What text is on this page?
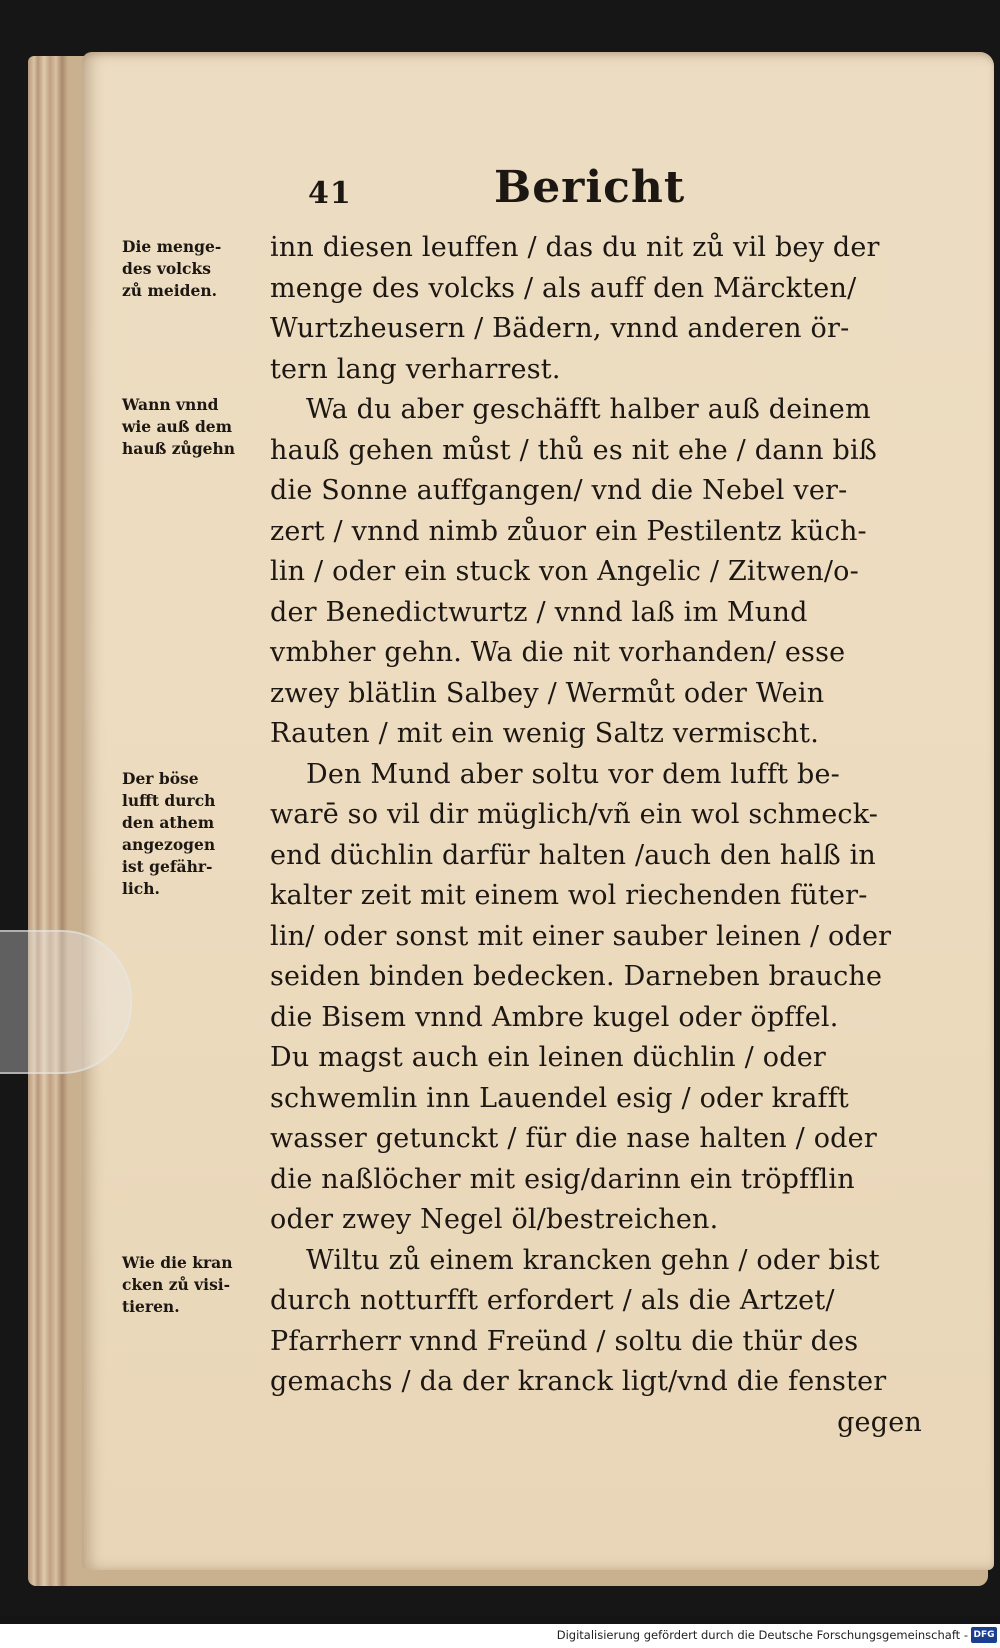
41	Bericht
Die menge-
des volcks
zů meiden.
Wann vnnd
wie auß dem
hauß zůgehn
Der böse
lufft durch
den athem
angezogen
ist gefähr-
lich.
Wie die kran
cken zů visi-
tieren.
inn diesen leuffen / das du nit zů vil bey der
menge des volcks / als auff den Märckten/
Wurtzheusern / Bädern, vnnd anderen ör-
tern lang verharrest.
Wa du aber geschäfft halber auß deinem
hauß gehen můst / thů es nit ehe / dann biß
die Sonne auffgangen/ vnd die Nebel ver-
zert / vnnd nimb zůuor ein Pestilentz küch-
lin / oder ein stuck von Angelic / Zitwen/o-
der Benedictwurtz / vnnd laß im Mund
vmbher gehn. Wa die nit vorhanden/ esse
zwey blätlin Salbey / Wermůt oder Wein
Rauten / mit ein wenig Saltz vermischt.
Den Mund aber soltu vor dem lufft be-
warē so vil dir müglich/vñ ein wol schmeck-
end düchlin darfür halten /auch den halß in
kalter zeit mit einem wol riechenden füter-
lin/ oder sonst mit einer sauber leinen / oder
seiden binden bedecken. Darneben brauche
die Bisem vnnd Ambre kugel oder öpffel.
Du magst auch ein leinen düchlin / oder
schwemlin inn Lauendel esig / oder krafft
wasser getunckt / für die nase halten / oder
die naßlöcher mit esig/darinn ein tröpfflin
oder zwey Negel öl/bestreichen.
Wiltu zů einem krancken gehn / oder bist
durch notturfft erfordert / als die Artzet/
Pfarrherr vnnd Freünd / soltu die thür des
gemachs / da der kranck ligt/vnd die fenster
gegen
Digitalisierung gefördert durch die Deutsche Forschungsgemeinschaft - DFG
